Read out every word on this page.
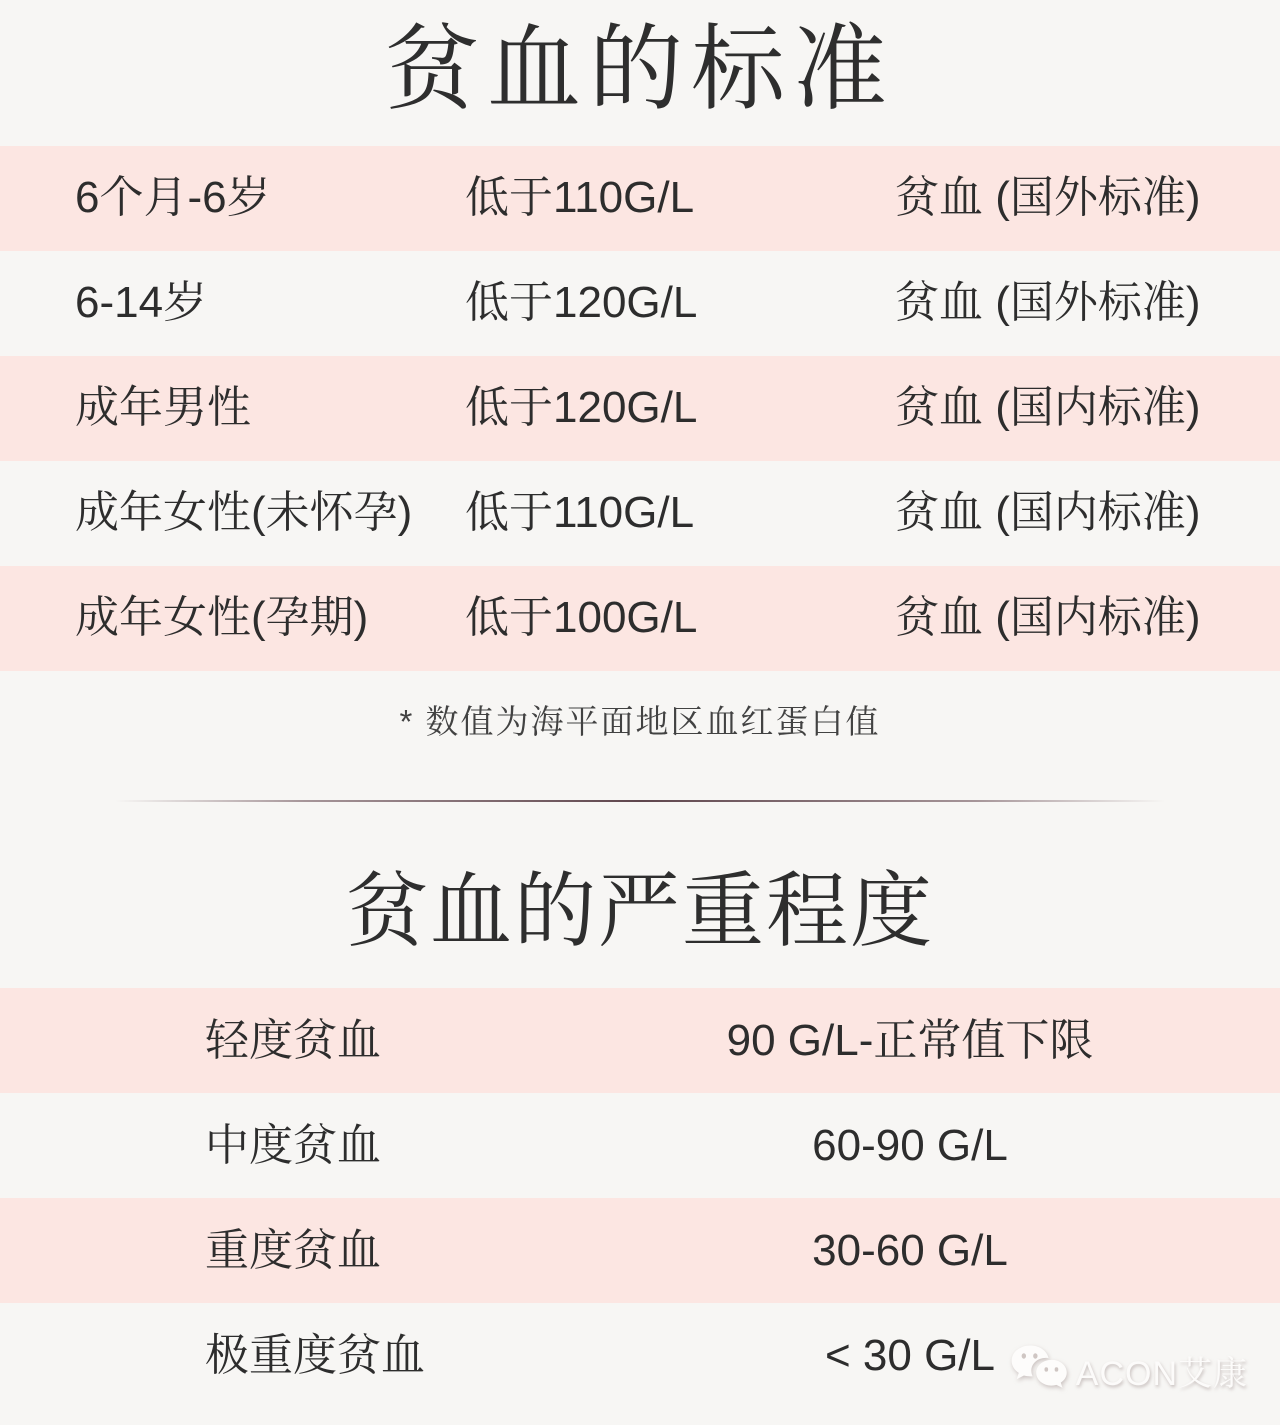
贫血的标准
6个月-6岁	低于110G/L	贫血 (国外标准)
6-14岁	低于120G/L	贫血 (国外标准)
成年男性	低于120G/L	贫血 (国内标准)
成年女性(未怀孕)	低于110G/L	贫血 (国内标准)
成年女性(孕期)	低于100G/L	贫血 (国内标准)
* 数值为海平面地区血红蛋白值
贫血的严重程度
轻度贫血	90 G/L-正常值下限
中度贫血	60-90 G/L
重度贫血	30-60 G/L
极重度贫血	< 30 G/L	ACON艾康
